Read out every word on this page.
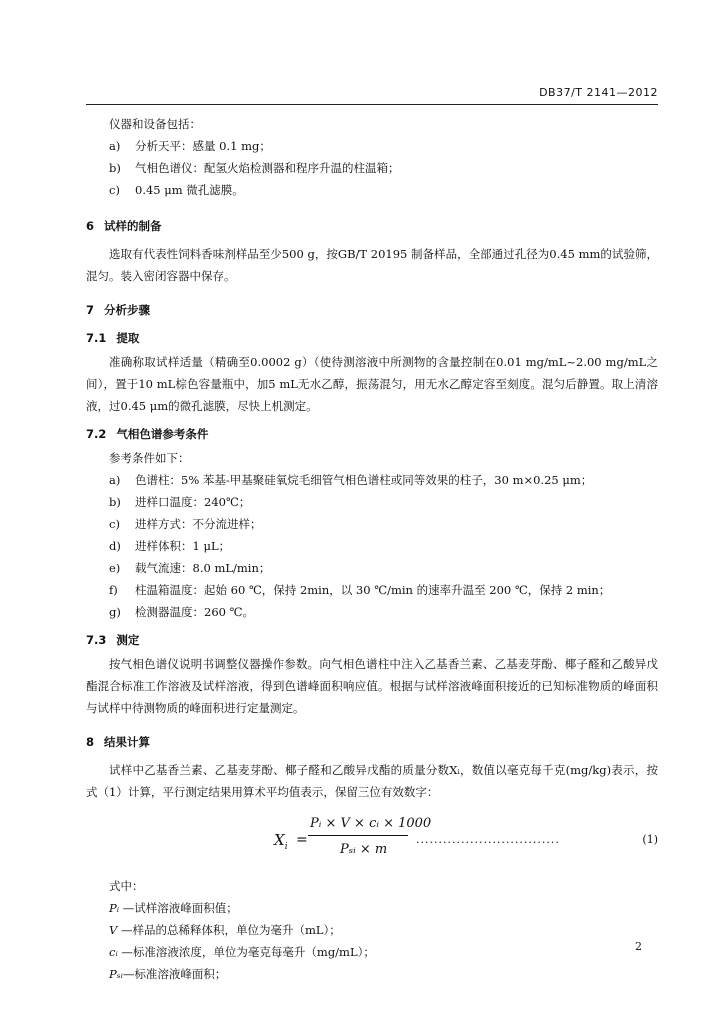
DB37/T 2141—2012

仪器和设备包括：

a) 分析天平：感量 0.1 mg；

b) 气相色谱仪：配氢火焰检测器和程序升温的柱温箱；

c) 0.45 μm 微孔滤膜。

6 试样的制备

选取有代表性饲料香味剂样品至少500 g，按GB/T 20195 制备样品，全部通过孔径为0.45 mm的试验筛，混匀。装入密闭容器中保存。

7 分析步骤
7.1 提取

准确称取试样适量（精确至0.0002 g）（使待测溶液中所测物的含量控制在0.01 mg/mL~2.00 mg/mL之间），置于10 mL棕色容量瓶中，加5 mL无水乙醇，振荡混匀，用无水乙醇定容至刻度。混匀后静置。取上清溶液，过0.45 μm的微孔滤膜，尽快上机测定。

7.2 气相色谱参考条件

参考条件如下：

a) 色谱柱：5% 苯基-甲基聚硅氧烷毛细管气相色谱柱或同等效果的柱子，30 m×0.25 μm；

b) 进样口温度：240℃；

c) 进样方式：不分流进样；

d) 进样体积：1 μL；

e) 载气流速：8.0 mL/min；

f) 柱温箱温度：起始 60 ℃，保持 2min，以 30 ℃/min 的速率升温至 200 ℃，保持 2 min；

g) 检测器温度：260 ℃。

7.3 测定

按气相色谱仪说明书调整仪器操作参数。向气相色谱柱中注入乙基香兰素、乙基麦芽酚、椰子醛和乙酸异戊酯混合标准工作溶液及试样溶液，得到色谱峰面积响应值。根据与试样溶液峰面积接近的已知标准物质的峰面积与试样中待测物质的峰面积进行定量测定。

8 结果计算

试样中乙基香兰素、乙基麦芽酚、椰子醛和乙酸异戊酯的质量分数Xᵢ，数值以毫克每千克(mg/kg)表示，按式（1）计算，平行测定结果用算术平均值表示，保留三位有效数字：

$X_i$ =
Pᵢ × V × cᵢ × 1000
Pₛᵢ × m
................................	(1)

式中：

Pᵢ —试样溶液峰面积值；

V —样品的总稀释体积，单位为毫升（mL）；

cᵢ —标准溶液浓度，单位为毫克每毫升（mg/mL）；

Pₛᵢ—标准溶液峰面积；

2
